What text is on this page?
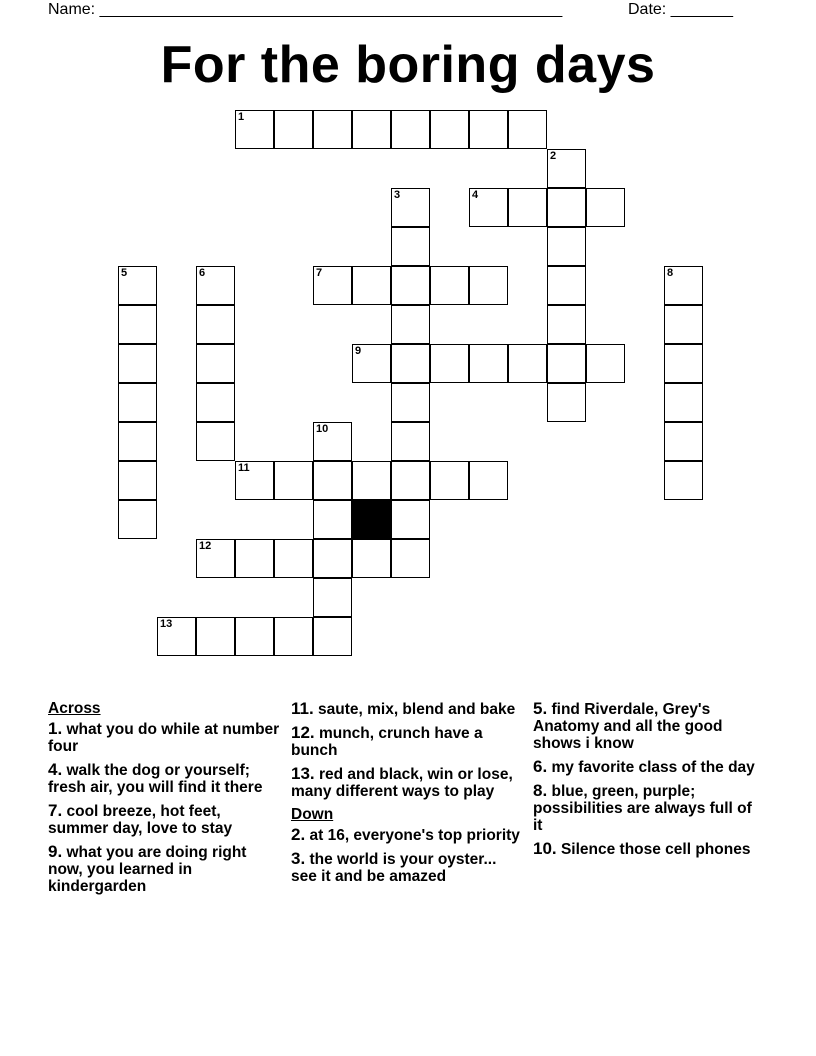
Name: ____________________________________________________

	Date: _______

For the boring days
1
2
3	4
5	6	7	8
9
10
11
12
13
Across
1. what you do while at number four
4. walk the dog or yourself; fresh air, you will find it there
7. cool breeze, hot feet, summer day, love to stay
9. what you are doing right now, you learned in kindergarden
11. saute, mix, blend and bake
12. munch, crunch have a bunch
13. red and black, win or lose, many different ways to play
Down
2. at 16, everyone's top priority
3. the world is your oyster... see it and be amazed
5. find Riverdale, Grey's Anatomy and all the good shows i know
6. my favorite class of the day
8. blue, green, purple; possibilities are always full of it
10. Silence those cell phones
